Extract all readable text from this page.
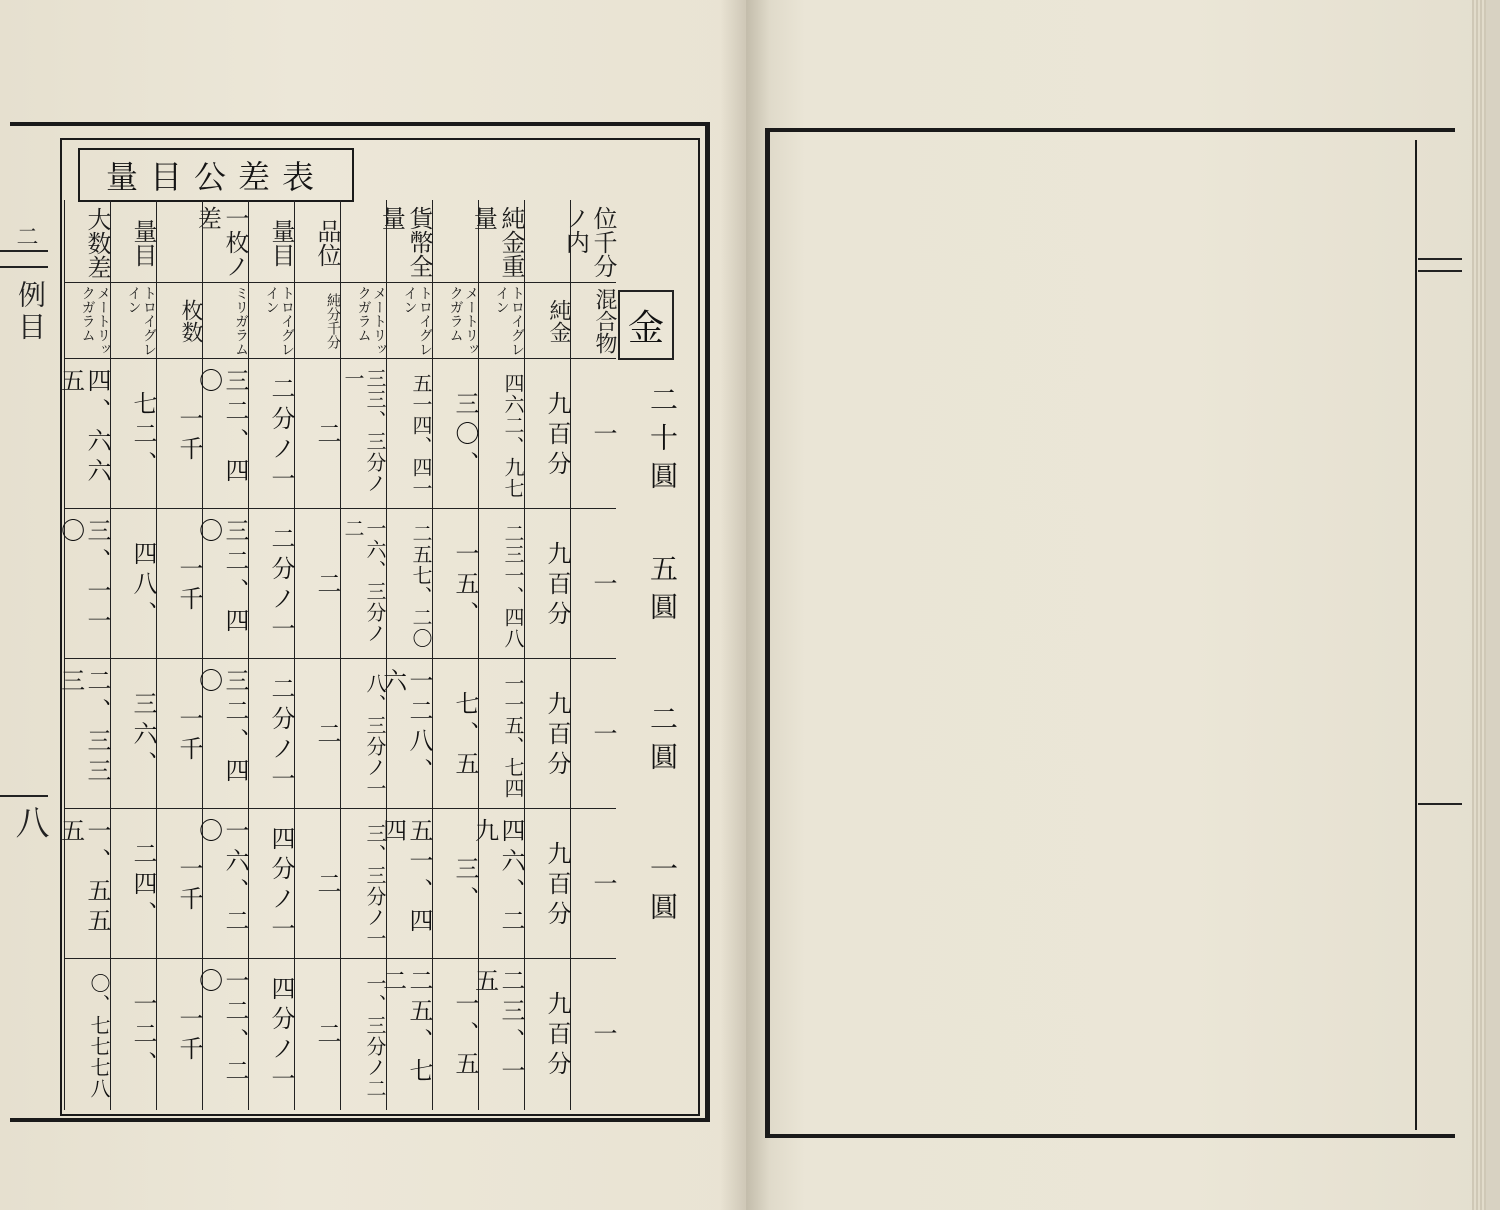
二
例目
八
量目公差表
位千分ノ内
混合物
一
一
一
一
一
純金
九百分
九百分
九百分
九百分
九百分
純金重量
トロイグレイン
四六二、九七
二三一、四八
一一五、七四
四六、二九
二三、一五
メートリックガラム
三〇、
一五、
七、五
三、
一、五
貨幣全量
トロイグレイン
五一四、四一
二五七、二〇
一二八、六
五一、四四
二五、七二
メートリックガラム
三三、三分ノ一
一六、三分ノ二
八、三分ノ一
三、三分ノ一
一、三分ノ二
品位
純分千分
二
二
二
二
二
量目
トロイグレイン
二分ノ一
二分ノ一
二分ノ一
四分ノ一
四分ノ一
一枚ノ差
ミリガラム
三二、四〇
三二、四〇
三二、四〇
一六、二〇
一二、二〇
枚数
一千
一千
一千
一千
一千
量目
トロイグレイン
七二、
四八、
三六、
二四、
一二、
大数差
メートリックガラム
四、六六五
三、一一〇
二、三三三
一、五五五
〇、七七七八
金
二十圓
五圓
二圓
一圓
